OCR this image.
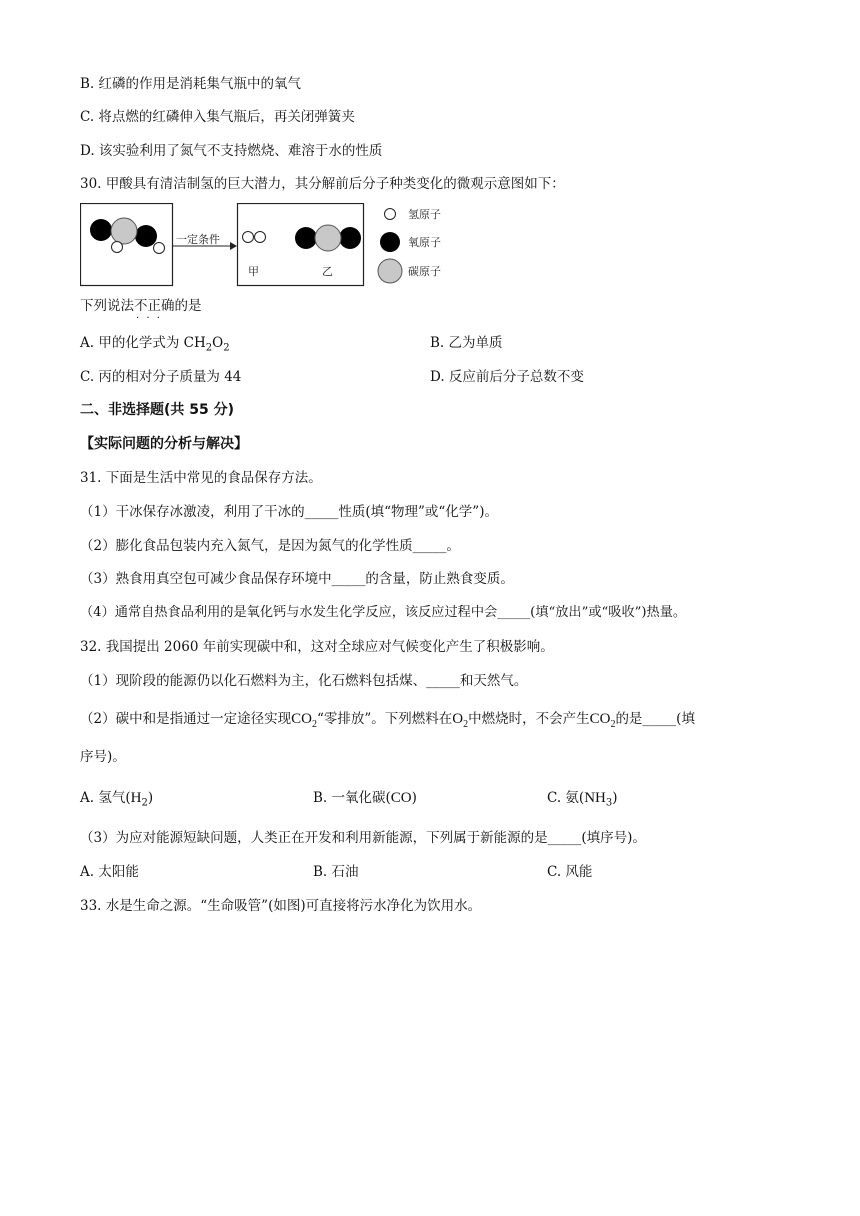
B. 红磷的作用是消耗集气瓶中的氧气
C. 将点燃的红磷伸入集气瓶后，再关闭弹簧夹
D. 该实验利用了氮气不支持燃烧、难溶于水的性质
30. 甲酸具有清洁制氢的巨大潜力，其分解前后分子种类变化的微观示意图如下：
一定条件
甲	乙
氢原子
氧原子
碳原子
下列说法不正确 · · ·的是
A. 甲的化学式为 $CH_2O_2$	B. 乙为单质
C. 丙的相对分子质量为 44	D. 反应前后分子总数不变
二、非选择题(共 55 分)
【实际问题的分析与解决】
31. 下面是生活中常见的食品保存方法。
（1）干冰保存冰激凌，利用了干冰的_____性质(填“物理”或“化学”)。
（2）膨化食品包装内充入氮气，是因为氮气的化学性质_____。
（3）熟食用真空包可减少食品保存环境中_____的含量，防止熟食变质。
（4）通常自热食品利用的是氧化钙与水发生化学反应，该反应过程中会_____(填“放出”或“吸收”)热量。
32. 我国提出 2060 年前实现碳中和，这对全球应对气候变化产生了积极影响。
（1）现阶段的能源仍以化石燃料为主，化石燃料包括煤、_____和天然气。
（2）碳中和是指通过一定途径实现$CO_2“$零排放”。下列燃料在$O_2$中燃烧时，不会产生$CO_2$的是_____(填
序号)。
A. 氢气$(H_2)$	B. 一氧化碳(CO)	C. 氨$(NH_3)$
（3）为应对能源短缺问题，人类正在开发和利用新能源，下列属于新能源的是_____(填序号)。
A. 太阳能	B. 石油	C. 风能
33. 水是生命之源。“生命吸管”(如图)可直接将污水净化为饮用水。
